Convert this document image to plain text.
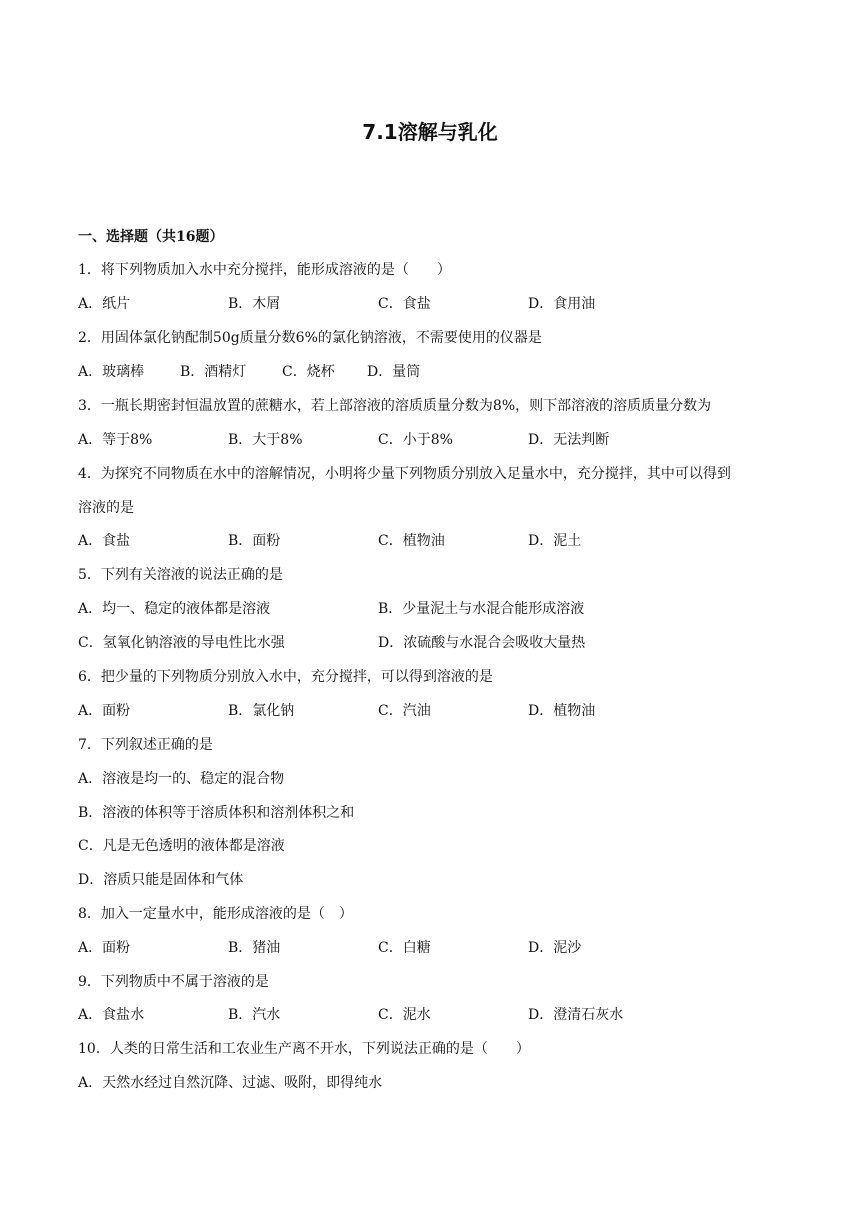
7.1溶解与乳化
一、选择题（共16题）
1．将下列物质加入水中充分搅拌，能形成溶液的是（　　）
A．纸片	B．木屑	C．食盐	D．食用油
2．用固体氯化钠配制50g质量分数6%的氯化钠溶液，不需要使用的仪器是
A．玻璃棒	B．酒精灯	C．烧杯 D．量筒
3．一瓶长期密封恒温放置的蔗糖水，若上部溶液的溶质质量分数为8%，则下部溶液的溶质质量分数为
A．等于8%	B．大于8%	C．小于8%	D．无法判断
4．为探究不同物质在水中的溶解情况，小明将少量下列物质分别放入足量水中，充分搅拌，其中可以得到
溶液的是
A．食盐	B．面粉	C．植物油	D．泥土
5．下列有关溶液的说法正确的是
A．均一、稳定的液体都是溶液	B．少量泥土与水混合能形成溶液
C．氢氧化钠溶液的导电性比水强	D．浓硫酸与水混合会吸收大量热
6．把少量的下列物质分别放入水中，充分搅拌，可以得到溶液的是
A．面粉	B．氯化钠	C．汽油	D．植物油
7．下列叙述正确的是
A．溶液是均一的、稳定的混合物
B．溶液的体积等于溶质体积和溶剂体积之和
C．凡是无色透明的液体都是溶液
D．溶质只能是固体和气体
8．加入一定量水中，能形成溶液的是（　）
A．面粉	B．猪油	C．白糖	D．泥沙
9．下列物质中不属于溶液的是
A．食盐水	B．汽水	C．泥水	D．澄清石灰水
10．人类的日常生活和工农业生产离不开水，下列说法正确的是（　　）
A．天然水经过自然沉降、过滤、吸附，即得纯水
